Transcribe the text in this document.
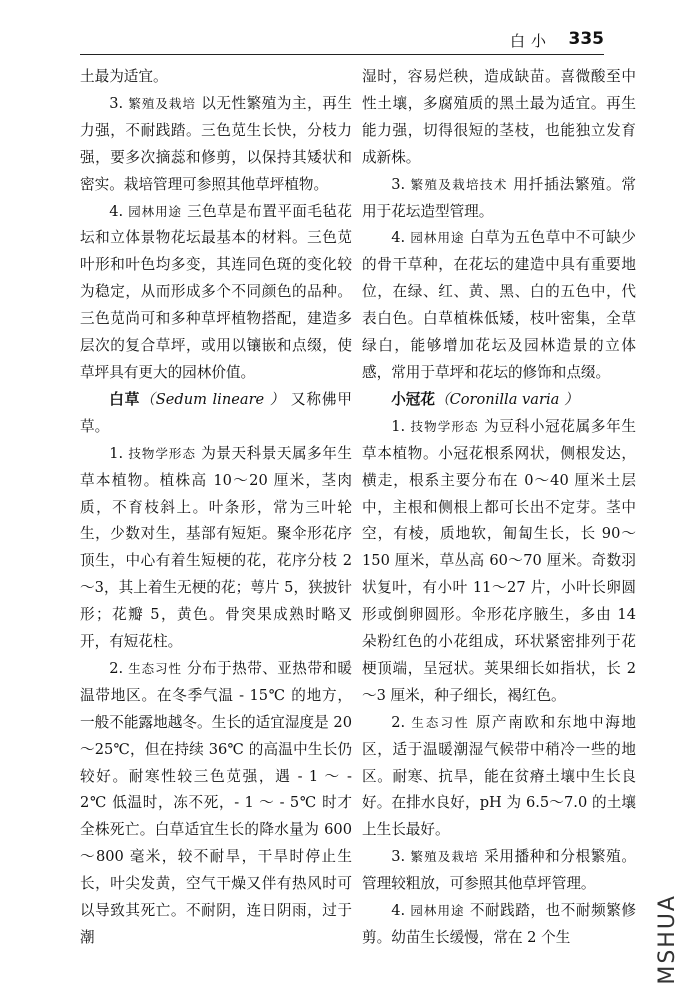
白小 335

土最为适宜。

3. 繁殖及栽培 以无性繁殖为主，再生力强，不耐践踏。三色苋生长快，分枝力强，要多次摘蕊和修剪，以保持其矮状和密实。栽培管理可参照其他草坪植物。

4. 园林用途 三色草是布置平面毛毡花坛和立体景物花坛最基本的材料。三色苋叶形和叶色均多变，其连同色斑的变化较为稳定，从而形成多个不同颜色的品种。三色苋尚可和多种草坪植物搭配，建造多层次的复合草坪，或用以镶嵌和点缀，使草坪具有更大的园林价值。

白草（Sedum lineare ） 又称佛甲草。

1. 技物学形态 为景天科景天属多年生草本植物。植株高 10～20 厘米，茎肉质，不育枝斜上。叶条形，常为三叶轮生，少数对生，基部有短矩。聚伞形花序顶生，中心有着生短梗的花，花序分枝 2～3，其上着生无梗的花；萼片 5，狭披针形；花瓣 5，黄色。骨突果成熟时略叉开，有短花柱。

2. 生态习性 分布于热带、亚热带和暖温带地区。在冬季气温 - 15℃ 的地方，一般不能露地越冬。生长的适宜湿度是 20～25℃，但在持续 36℃ 的高温中生长仍较好。耐寒性较三色苋强，遇 - 1 ～ - 2℃ 低温时，冻不死，- 1 ～ - 5℃ 时才全株死亡。白草适宜生长的降水量为 600～800 毫米，较不耐旱，干旱时停止生长，叶尖发黄，空气干燥又伴有热风时可以导致其死亡。不耐阴，连日阴雨，过于潮

湿时，容易烂秧，造成缺苗。喜微酸至中性土壤，多腐殖质的黑土最为适宜。再生能力强，切得很短的茎枝，也能独立发育成新株。

3. 繁殖及栽培技术 用扦插法繁殖。常用于花坛造型管理。

4. 园林用途 白草为五色草中不可缺少的骨干草种，在花坛的建造中具有重要地位，在绿、红、黄、黑、白的五色中，代表白色。白草植株低矮，枝叶密集，全草绿白，能够增加花坛及园林造景的立体感，常用于草坪和花坛的修饰和点缀。

小冠花（Coronilla varia ）

1. 技物学形态 为豆科小冠花属多年生草本植物。小冠花根系网状，侧根发达，横走，根系主要分布在 0～40 厘米土层中，主根和侧根上都可长出不定芽。茎中空，有棱，质地软，匍匐生长，长 90～150 厘米，草丛高 60～70 厘米。奇数羽状复叶，有小叶 11～27 片，小叶长卵圆形或倒卵圆形。伞形花序腋生，多由 14 朵粉红色的小花组成，环状紧密排列于花梗顶端，呈冠状。荚果细长如指状，长 2～3 厘米，种子细长，褐红色。

2. 生态习性 原产南欧和东地中海地区，适于温暖潮湿气候带中稍冷一些的地区。耐寒、抗旱，能在贫瘠土壤中生长良好。在排水良好，pH 为 6.5～7.0 的土壤上生长最好。

3. 繁殖及栽培 采用播种和分根繁殖。管理较粗放，可参照其他草坪管理。

4. 园林用途 不耐践踏，也不耐频繁修剪。幼苗生长缓慢，常在 2 个生	MSHUA
